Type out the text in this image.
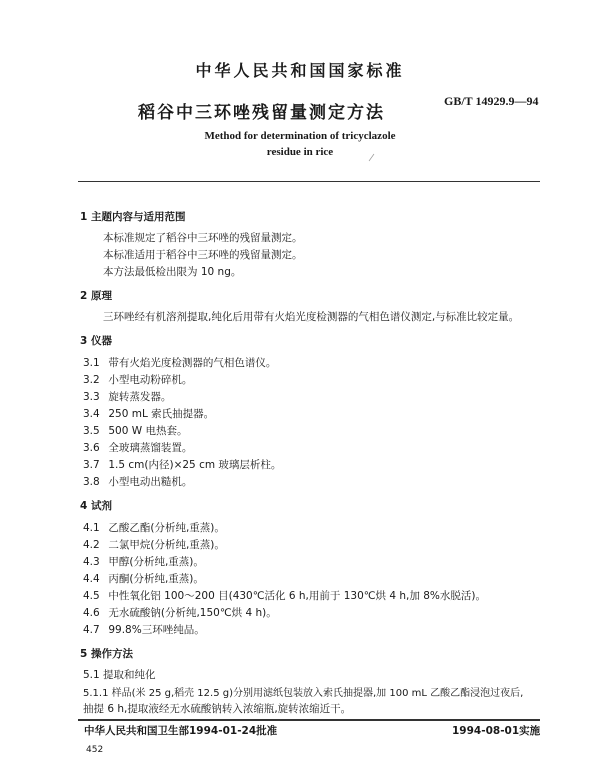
中华人民共和国国家标准
稻谷中三环唑残留量测定方法
GB/T 14929.9—94
Method for determination of tricyclazole
residue in rice
1 主题内容与适用范围
本标准规定了稻谷中三环唑的残留量测定。
本标准适用于稻谷中三环唑的残留量测定。
本方法最低检出限为 10 ng。
2 原理
三环唑经有机溶剂提取,纯化后用带有火焰光度检测器的气相色谱仪测定,与标准比较定量。
3 仪器
3.1 带有火焰光度检测器的气相色谱仪。
3.2 小型电动粉碎机。
3.3 旋转蒸发器。
3.4 250 mL 索氏抽提器。
3.5 500 W 电热套。
3.6 全玻璃蒸馏装置。
3.7 1.5 cm(内径)×25 cm 玻璃层析柱。
3.8 小型电动出糙机。
4 试剂
4.1 乙酸乙酯(分析纯,重蒸)。
4.2 二氯甲烷(分析纯,重蒸)。
4.3 甲醇(分析纯,重蒸)。
4.4 丙酮(分析纯,重蒸)。
4.5 中性氧化铝 100～200 目(430℃活化 6 h,用前于 130℃烘 4 h,加 8%水脱活)。
4.6 无水硫酸钠(分析纯,150℃烘 4 h)。
4.7 99.8%三环唑纯品。
5 操作方法
5.1 提取和纯化
5.1.1 样品(米 25 g,稻壳 12.5 g)分别用滤纸包装放入索氏抽提器,加 100 mL 乙酸乙酯浸泡过夜后,
抽提 6 h,提取液经无水硫酸钠转入浓缩瓶,旋转浓缩近干。
中华人民共和国卫生部1994-01-24批准	1994-08-01实施
452
